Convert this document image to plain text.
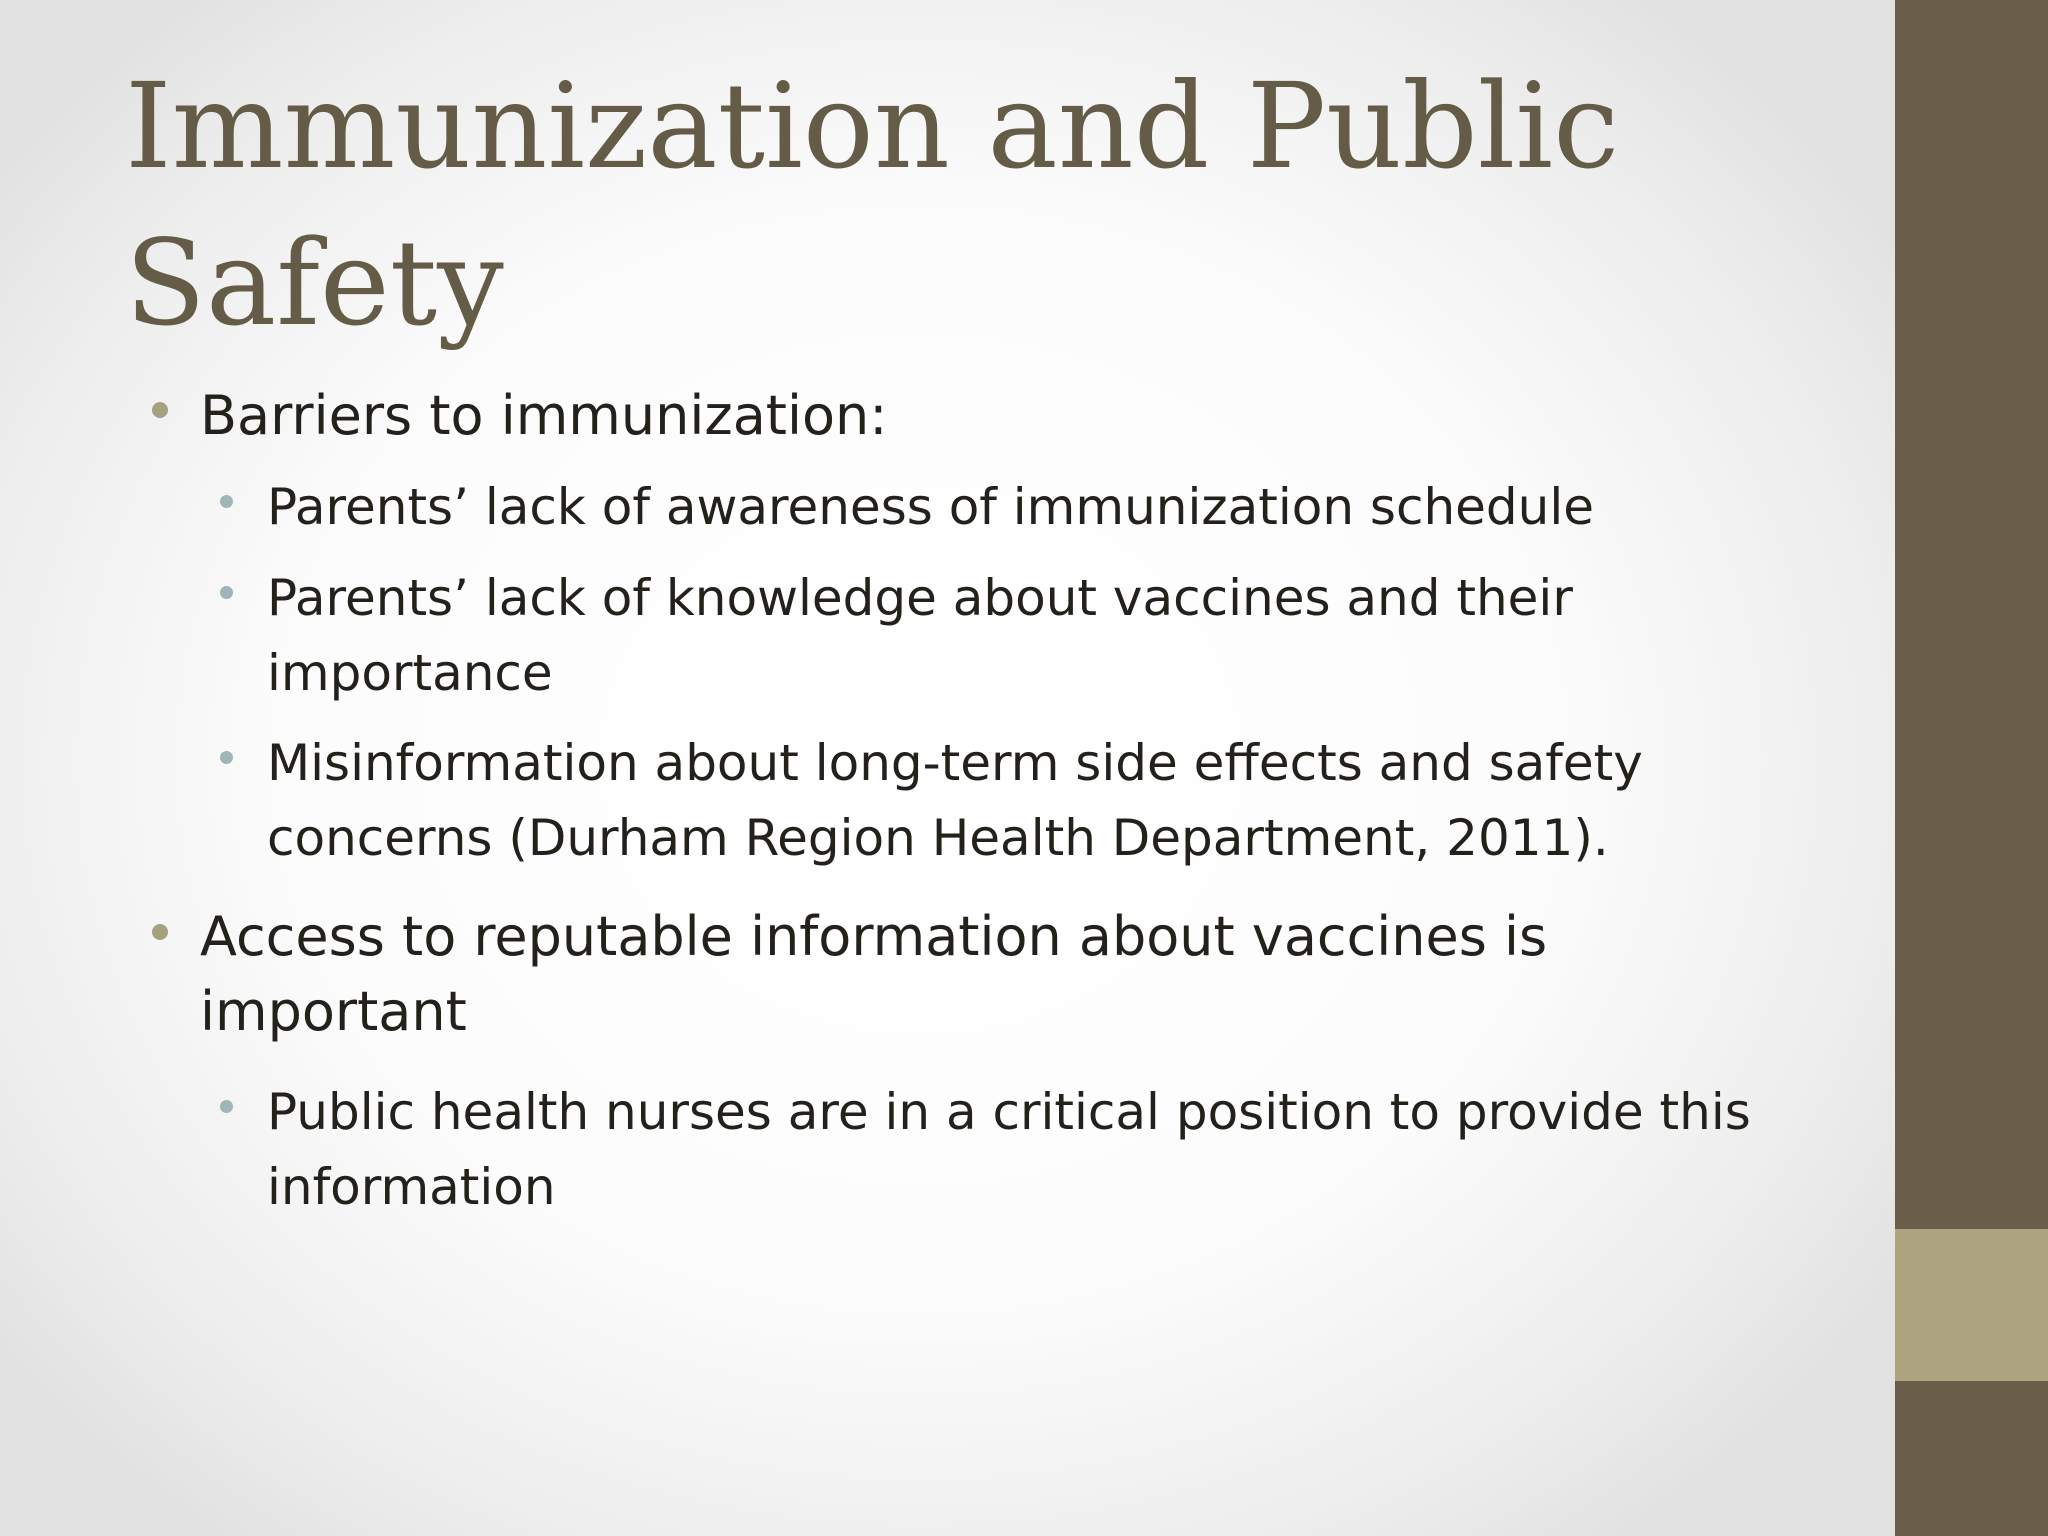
Immunization and Public Safety

Barriers to immunization:

Parents’ lack of awareness of immunization schedule

Parents’ lack of knowledge about vaccines and their importance

Misinformation about long-term side effects and safety concerns (Durham Region Health Department, 2011).

Access to reputable information about vaccines is important

Public health nurses are in a critical position to provide this information
